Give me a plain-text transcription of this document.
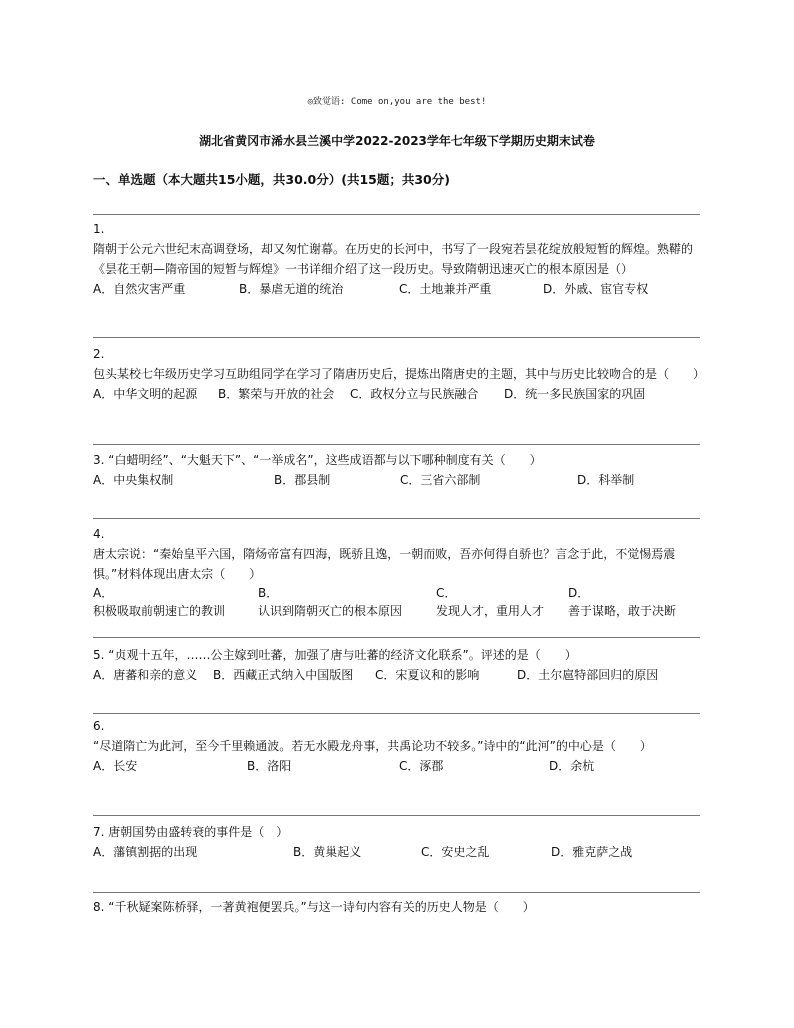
◎致觉语: Come on,you are the best!
湖北省黄冈市浠水县兰溪中学2022-2023学年七年级下学期历史期末试卷
一、单选题（本大题共15小题，共30.0分）(共15题；共30分)

1.

隋朝于公元六世纪末高调登场，却又匆忙谢幕。在历史的长河中，书写了一段宛若昙花绽放般短暂的辉煌。熟鞯的《昙花王朝—隋帝国的短暂与辉煌》一书详细介绍了这一段历史。导致隋朝迅速灭亡的根本原因是（）

A．自然灾害严重	B．暴虐无道的统治	C．土地兼并严重	D．外戚、宦官专权

2.

包头某校七年级历史学习互助组同学在学习了隋唐历史后，提炼出隋唐史的主题，其中与历史比较吻合的是（　　）

A．中华文明的起源	B．繁荣与开放的社会	C．政权分立与民族融合	D．统一多民族国家的巩固

3. “白蜡明经”、“大魁天下”、“一举成名”，这些成语都与以下哪种制度有关（　　）

A．中央集权制	B．郡县制	C．三省六部制	D．科举制

4.

唐太宗说：“秦始皇平六国，隋炀帝富有四海，既骄且逸，一朝而败，吾亦何得自骄也？言念于此，不觉惕焉震惧。”材料体现出唐太宗（　　）

A．
积极吸取前朝速亡的教训
B．
认识到隋朝灭亡的根本原因
C．
发现人才，重用人才
D．
善于谋略，敢于决断

5. “贞观十五年，……公主嫁到吐蕃，加强了唐与吐蕃的经济文化联系”。评述的是（　　）

A．唐蕃和亲的意义	B．西藏正式纳入中国版图	C．宋夏议和的影响	D．土尔扈特部回归的原因

6.

“尽道隋亡为此河，至今千里赖通波。若无水殿龙舟事，共禹论功不较多。”诗中的“此河”的中心是（　　）

A．长安	B．洛阳	C．涿郡	D．余杭

7. 唐朝国势由盛转衰的事件是（　）

A．藩镇割据的出现	B．黄巢起义	C．安史之乱	D．雅克萨之战

8. “千秋疑案陈桥驿，一著黄袍便罢兵。”与这一诗句内容有关的历史人物是（　　）
